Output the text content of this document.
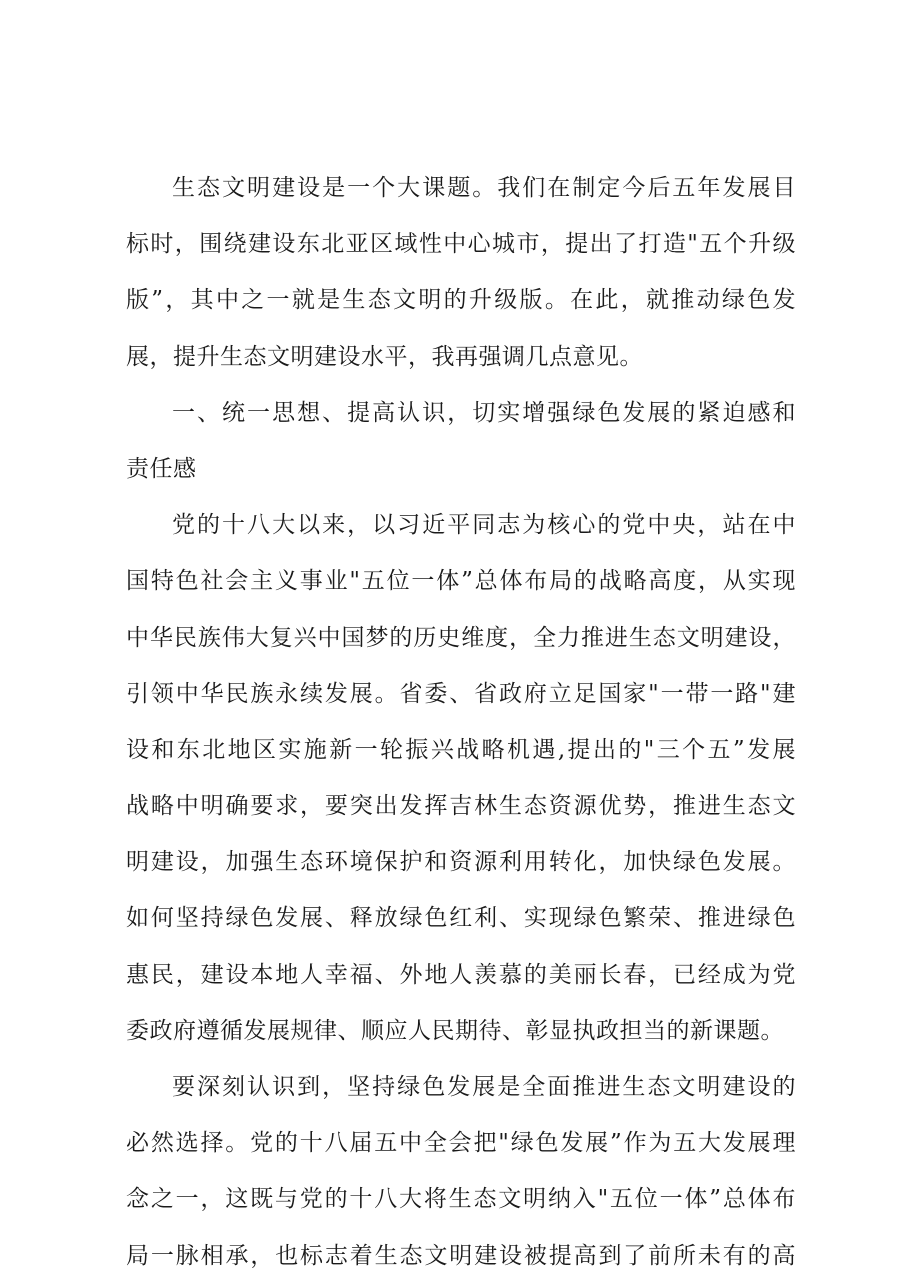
生态文明建设是一个大课题。我们在制定今后五年发展目
标时，围绕建设东北亚区域性中心城市，提出了打造"五个升级
版”，其中之一就是生态文明的升级版。在此，就推动绿色发
展，提升生态文明建设水平，我再强调几点意见。
一、统一思想、提高认识，切实增强绿色发展的紧迫感和
责任感
党的十八大以来，以习近平同志为核心的党中央，站在中
国特色社会主义事业"五位一体”总体布局的战略高度，从实现
中华民族伟大复兴中国梦的历史维度，全力推进生态文明建设，
引领中华民族永续发展。省委、省政府立足国家"一带一路"建
设和东北地区实施新一轮振兴战略机遇,提出的"三个五”发展
战略中明确要求，要突出发挥吉林生态资源优势，推进生态文
明建设，加强生态环境保护和资源利用转化，加快绿色发展。
如何坚持绿色发展、释放绿色红利、实现绿色繁荣、推进绿色
惠民，建设本地人幸福、外地人羡慕的美丽长春，已经成为党
委政府遵循发展规律、顺应人民期待、彰显执政担当的新课题。
要深刻认识到，坚持绿色发展是全面推进生态文明建设的
必然选择。党的十八届五中全会把"绿色发展”作为五大发展理
念之一，这既与党的十八大将生态文明纳入"五位一体”总体布
局一脉相承，也标志着生态文明建设被提高到了前所未有的高
